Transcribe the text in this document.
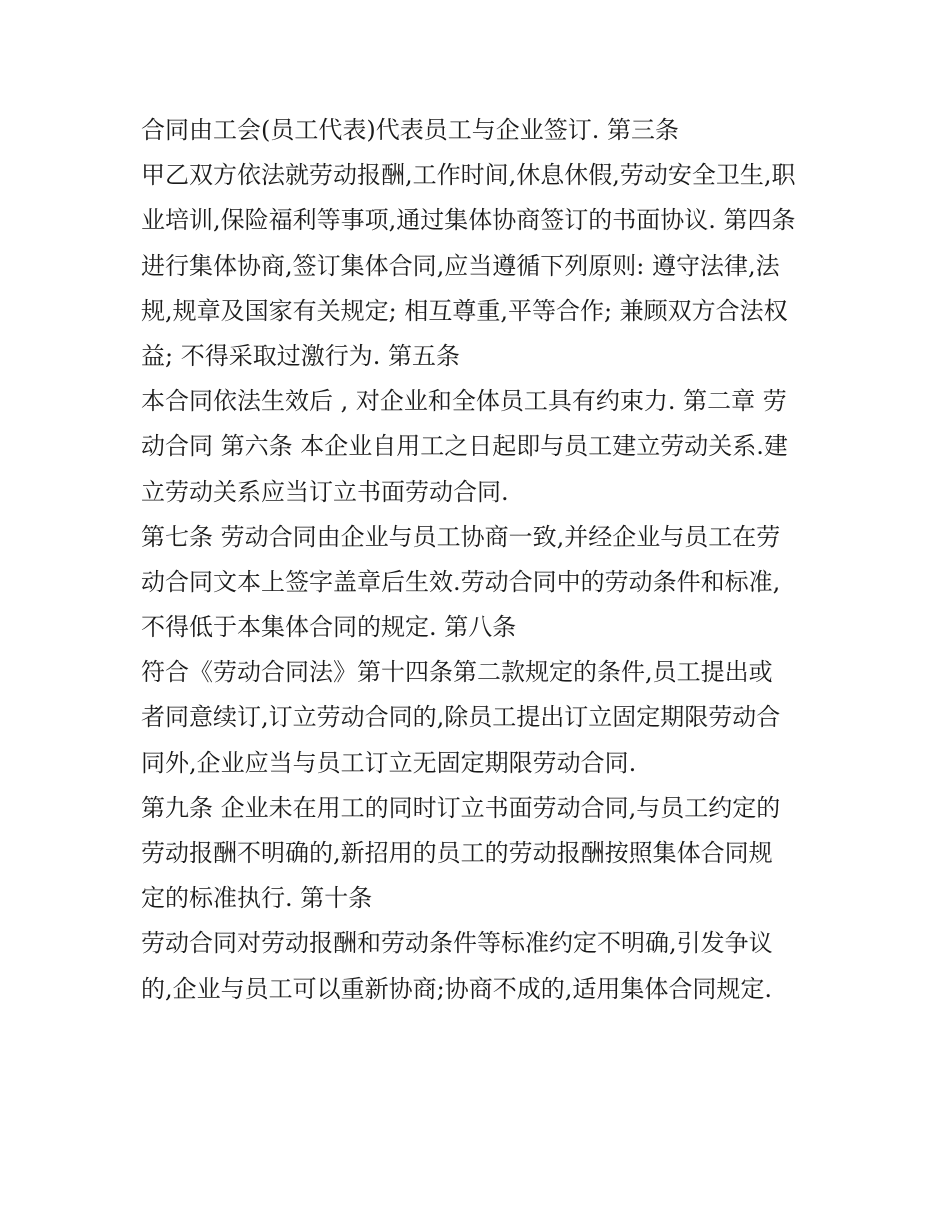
合同由工会(员工代表)代表员工与企业签订. 第三条
甲乙双方依法就劳动报酬,工作时间,休息休假,劳动安全卫生,职
业培训,保险福利等事项,通过集体协商签订的书面协议. 第四条
进行集体协商,签订集体合同,应当遵循下列原则: 遵守法律,法
规,规章及国家有关规定; 相互尊重,平等合作; 兼顾双方合法权
益; 不得采取过激行为. 第五条
本合同依法生效后 , 对企业和全体员工具有约束力. 第二章 劳
动合同 第六条 本企业自用工之日起即与员工建立劳动关系.建
立劳动关系应当订立书面劳动合同.
第七条 劳动合同由企业与员工协商一致,并经企业与员工在劳
动合同文本上签字盖章后生效.劳动合同中的劳动条件和标准,
不得低于本集体合同的规定. 第八条
符合《劳动合同法》第十四条第二款规定的条件,员工提出或
者同意续订,订立劳动合同的,除员工提出订立固定期限劳动合
同外,企业应当与员工订立无固定期限劳动合同.
第九条 企业未在用工的同时订立书面劳动合同,与员工约定的
劳动报酬不明确的,新招用的员工的劳动报酬按照集体合同规
定的标准执行. 第十条
劳动合同对劳动报酬和劳动条件等标准约定不明确,引发争议
的,企业与员工可以重新协商;协商不成的,适用集体合同规定.
